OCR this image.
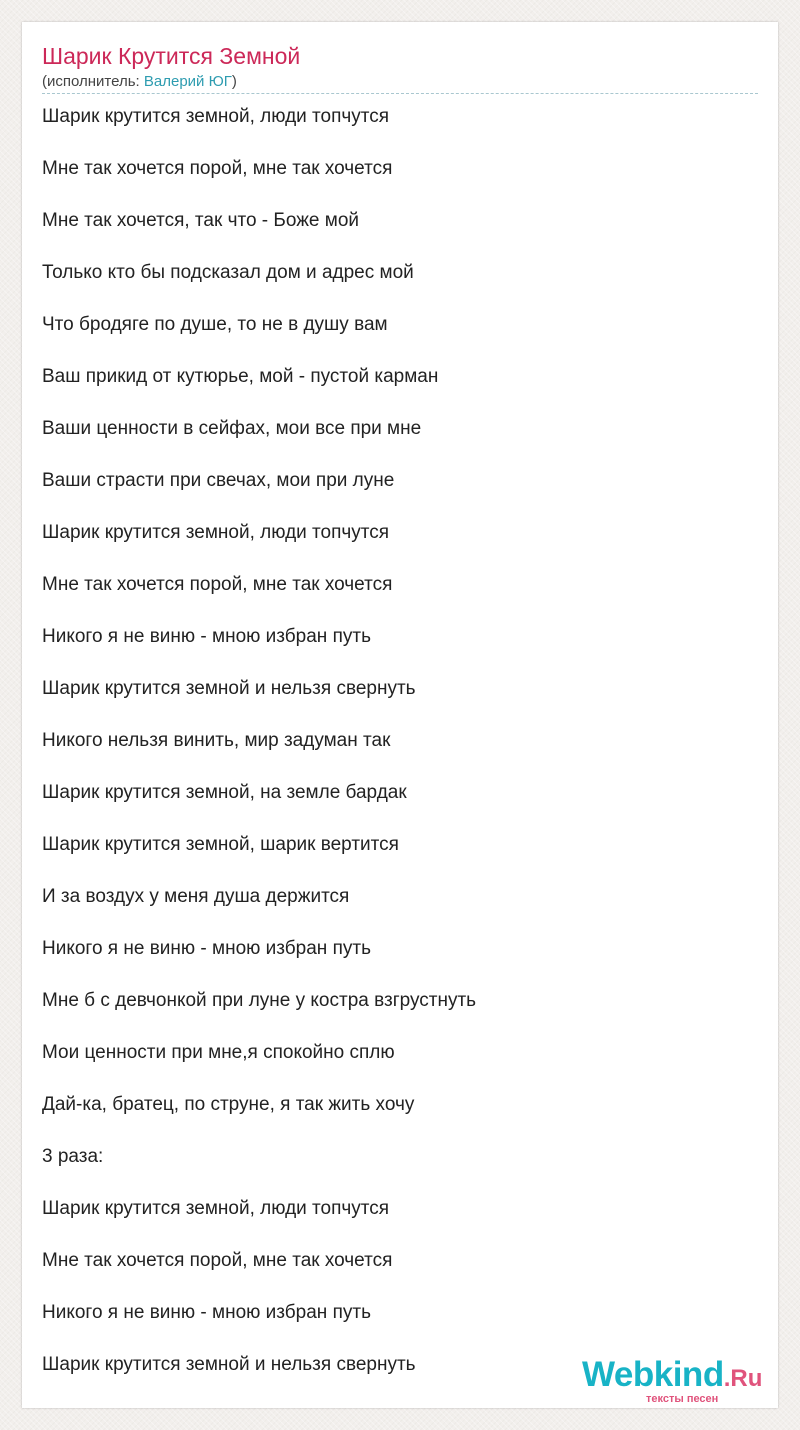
Шарик Крутится Земной
(исполнитель: Валерий ЮГ)
Шарик крутится земной, люди топчутся
Мне так хочется порой, мне так хочется
Мне так хочется, так что - Боже мой
Только кто бы подсказал дом и адрес мой
Что бродяге по душе, то не в душу вам
Ваш прикид от кутюрье, мой - пустой карман
Ваши ценности в сейфах, мои все при мне
Ваши страсти при свечах, мои при луне
Шарик крутится земной, люди топчутся
Мне так хочется порой, мне так хочется
Никого я не виню - мною избран путь
Шарик крутится земной и нельзя свернуть
Никого нельзя винить, мир задуман так
Шарик крутится земной, на земле бардак
Шарик крутится земной, шарик вертится
И за воздух у меня душа держится
Никого я не виню - мною избран путь
Мне б с девчонкой при луне у костра взгрустнуть
Мои ценности при мне,я спокойно сплю
Дай-ка, братец, по струне, я так жить хочу
3 раза:
Шарик крутится земной, люди топчутся
Мне так хочется порой, мне так хочется
Никого я не виню - мною избран путь
Шарик крутится земной и нельзя свернуть	Webkind.Ru
тексты песен
